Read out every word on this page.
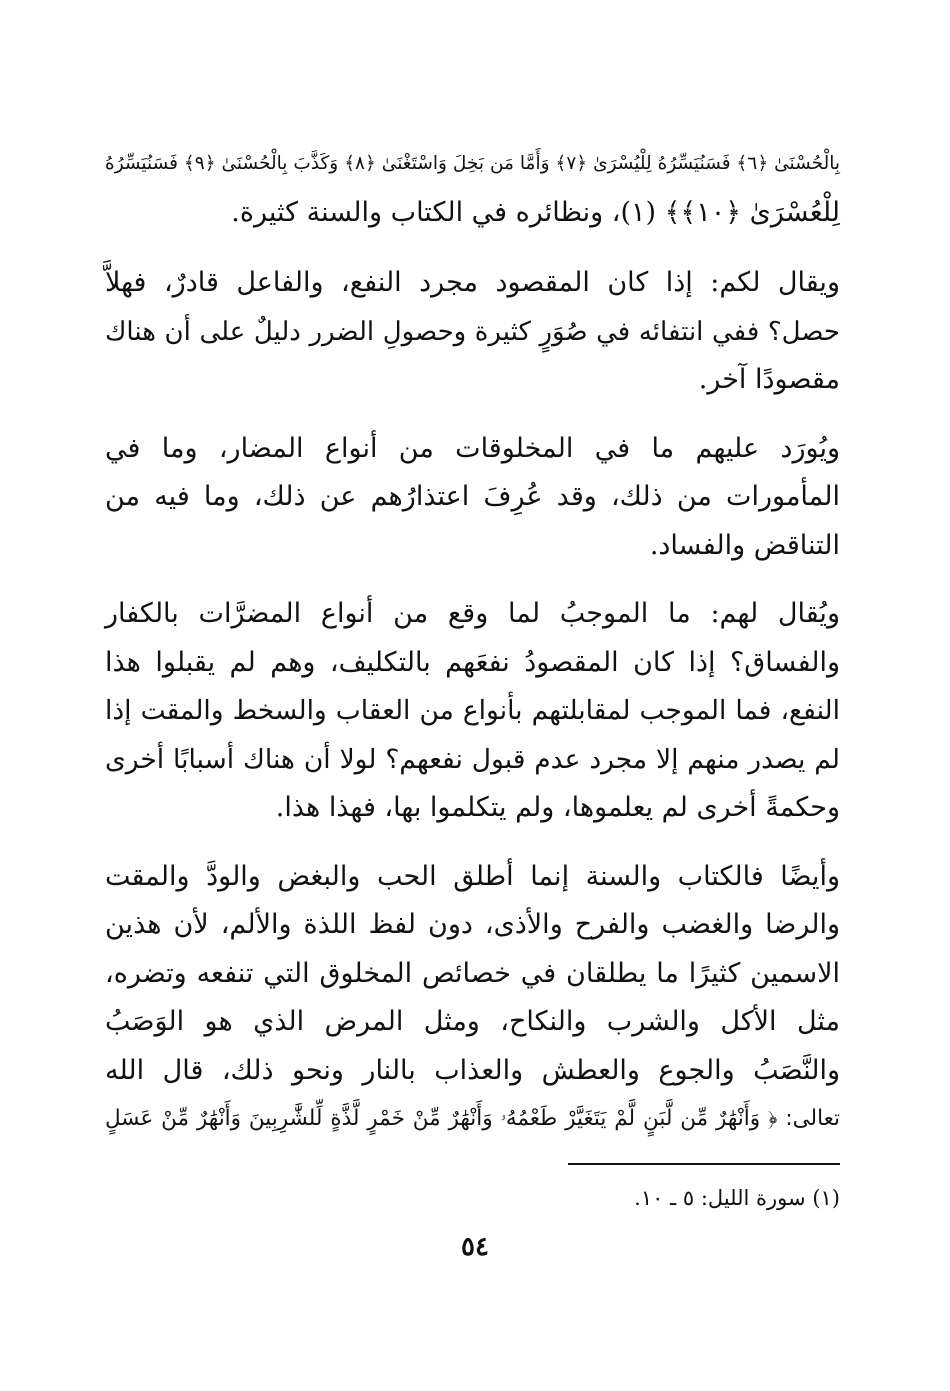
بِالْحُسْنَىٰ ﴿٦﴾ فَسَنُيَسِّرُهُ لِلْيُسْرَىٰ ﴿٧﴾ وَأَمَّا مَن بَخِلَ وَاسْتَغْنَىٰ ﴿٨﴾ وَكَذَّبَ بِالْحُسْنَىٰ ﴿٩﴾ فَسَنُيَسِّرُهُ
لِلْعُسْرَىٰ ﴿١٠﴾﴾ (١)، ونظائره في الكتاب والسنة كثيرة.
ويقال لكم: إذا كان المقصود مجرد النفع، والفاعل قادرٌ، فهلاَّ
حصل؟ ففي انتفائه في صُوَرٍ كثيرة وحصولِ الضرر دليلٌ على أن هناك
مقصودًا آخر.
ويُورَد عليهم ما في المخلوقات من أنواع المضار، وما في
المأمورات من ذلك، وقد عُرِفَ اعتذارُهم عن ذلك، وما فيه من
التناقض والفساد.
ويُقال لهم: ما الموجبُ لما وقع من أنواع المضرَّات بالكفار
والفساق؟ إذا كان المقصودُ نفعَهم بالتكليف، وهم لم يقبلوا هذا
النفع، فما الموجب لمقابلتهم بأنواع من العقاب والسخط والمقت إذا
لم يصدر منهم إلا مجرد عدم قبول نفعهم؟ لولا أن هناك أسبابًا أخرى
وحكمةً أخرى لم يعلموها، ولم يتكلموا بها، فهذا هذا.
وأيضًا فالكتاب والسنة إنما أطلق الحب والبغض والودَّ والمقت
والرضا والغضب والفرح والأذى، دون لفظ اللذة والألم، لأن هذين
الاسمين كثيرًا ما يطلقان في خصائص المخلوق التي تنفعه وتضره،
مثل الأكل والشرب والنكاح، ومثل المرض الذي هو الوَصَبُ
والنَّصَبُ والجوع والعطش والعذاب بالنار ونحو ذلك، قال الله
تعالى: ﴿ وَأَنْهَٰرٌ مِّن لَّبَنٍ لَّمْ يَتَغَيَّرْ طَعْمُهُۥ وَأَنْهَٰرٌ مِّنْ خَمْرٍ لَّذَّةٍ لِّلشَّٰرِبِينَ وَأَنْهَٰرٌ مِّنْ عَسَلٍ
(١) سورة الليل: ٥ ـ ١٠.
٥٤
